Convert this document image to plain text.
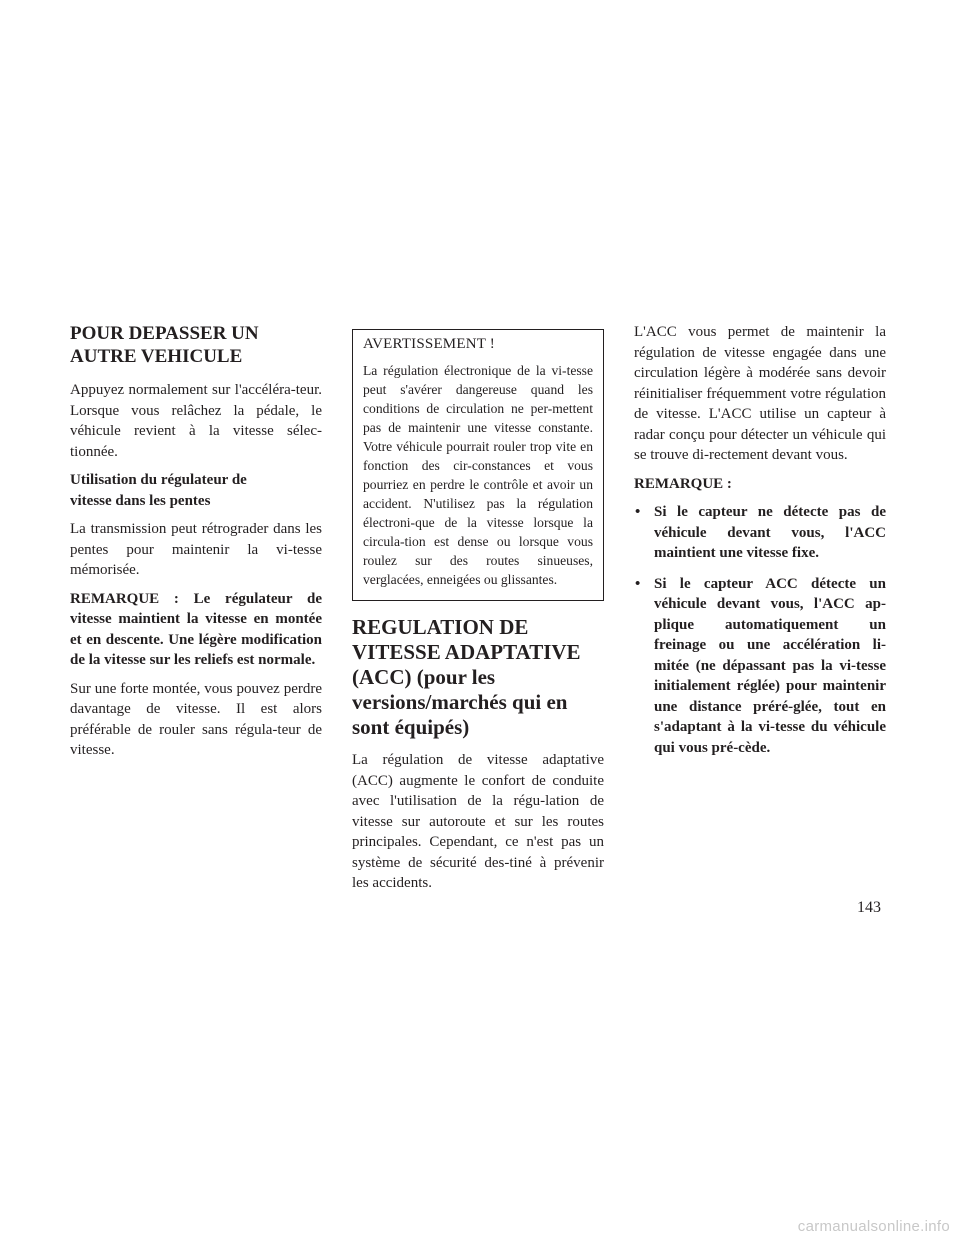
POUR DEPASSER UN
AUTRE VEHICULE

Appuyez normalement sur l'accéléra-teur. Lorsque vous relâchez la pédale, le véhicule revient à la vitesse sélec-tionnée.

Utilisation du régulateur de
vitesse dans les pentes

La transmission peut rétrograder dans les pentes pour maintenir la vi-tesse mémorisée.

REMARQUE : Le régulateur de vitesse maintient la vitesse en montée et en descente. Une légère modification de la vitesse sur les reliefs est normale.

Sur une forte montée, vous pouvez perdre davantage de vitesse. Il est alors préférable de rouler sans régula-teur de vitesse.

AVERTISSEMENT !

La régulation électronique de la vi-tesse peut s'avérer dangereuse quand les conditions de circulation ne per-mettent pas de maintenir une vitesse constante. Votre véhicule pourrait rouler trop vite en fonction des cir-constances et vous pourriez en perdre le contrôle et avoir un accident. N'utilisez pas la régulation électroni-que de la vitesse lorsque la circula-tion est dense ou lorsque vous roulez sur des routes sinueuses, verglacées, enneigées ou glissantes.

REGULATION DE
VITESSE ADAPTATIVE
(ACC) (pour les
versions/marchés qui en
sont équipés)

La régulation de vitesse adaptative (ACC) augmente le confort de conduite avec l'utilisation de la régu-lation de vitesse sur autoroute et sur les routes principales. Cependant, ce n'est pas un système de sécurité des-tiné à prévenir les accidents.

L'ACC vous permet de maintenir la régulation de vitesse engagée dans une circulation légère à modérée sans devoir réinitialiser fréquemment votre régulation de vitesse. L'ACC utilise un capteur à radar conçu pour détecter un véhicule qui se trouve di-rectement devant vous.

REMARQUE :
• Si le capteur ne détecte pas de véhicule devant vous, l'ACC maintient une vitesse fixe.
• Si le capteur ACC détecte un véhicule devant vous, l'ACC ap-plique automatiquement un freinage ou une accélération li-mitée (ne dépassant pas la vi-tesse initialement réglée) pour maintenir une distance préré-glée, tout en s'adaptant à la vi-tesse du véhicule qui vous pré-cède.
143
carmanualsonline.info
